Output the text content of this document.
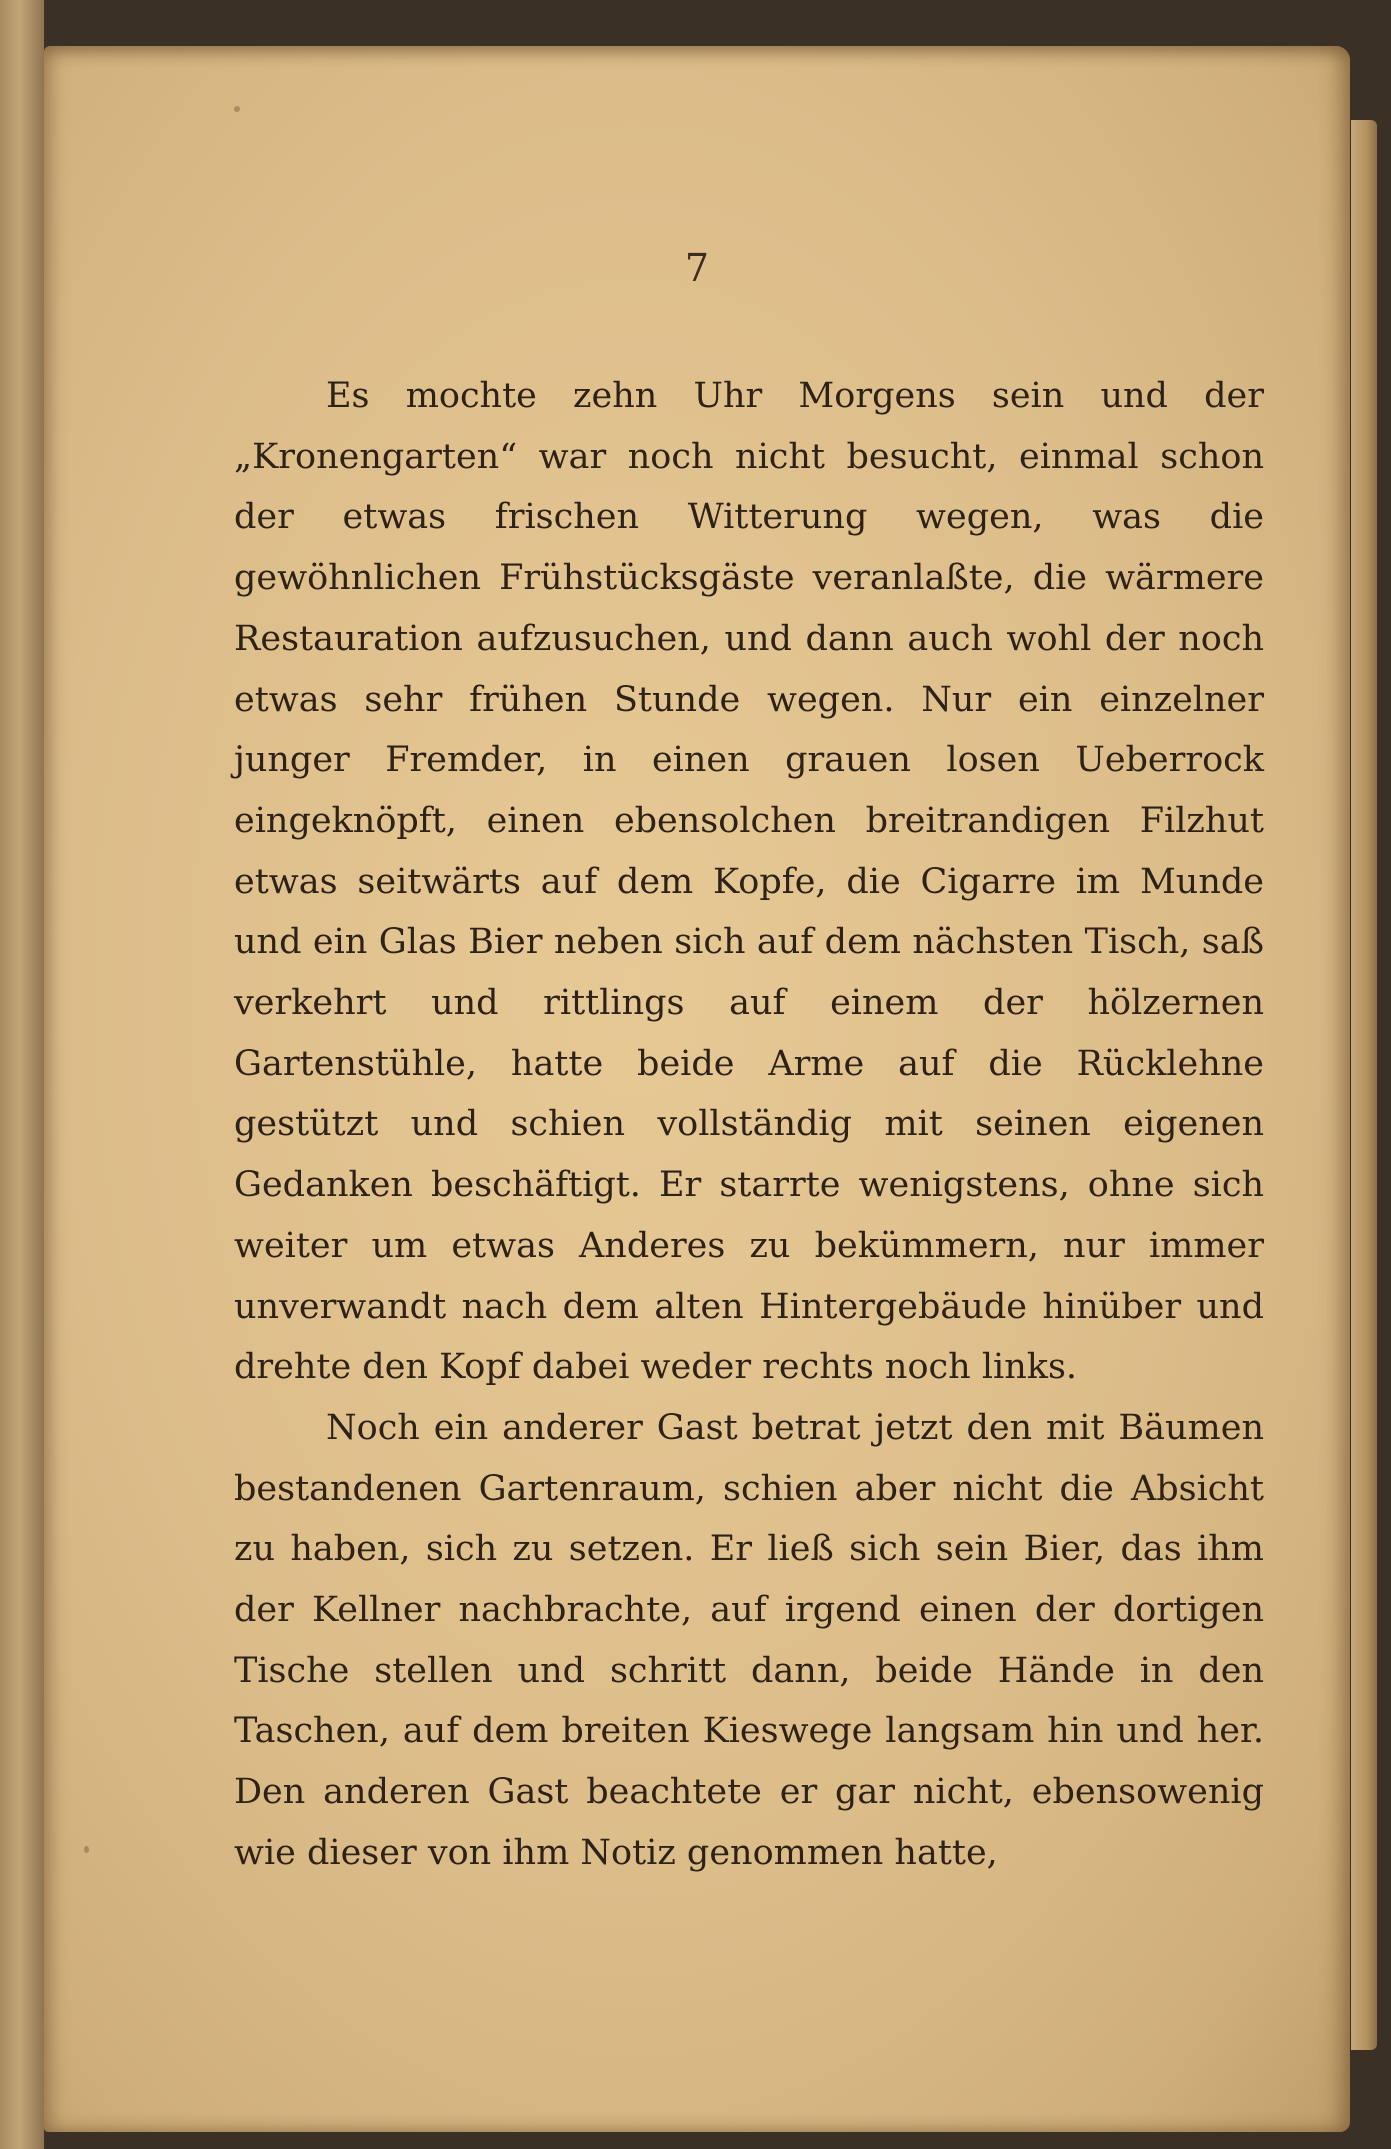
7

Es mochte zehn Uhr Morgens sein und der „Kronengarten“ war noch nicht besucht, einmal schon der etwas frischen Witterung wegen, was die gewöhnlichen Frühstücksgäste veranlaßte, die wärmere Restauration aufzusuchen, und dann auch wohl der noch etwas sehr frühen Stunde wegen. Nur ein einzelner junger Fremder, in einen grauen losen Ueberrock eingeknöpft, einen ebensolchen breitrandigen Filzhut etwas seitwärts auf dem Kopfe, die Cigarre im Munde und ein Glas Bier neben sich auf dem nächsten Tisch, saß verkehrt und rittlings auf einem der hölzernen Gartenstühle, hatte beide Arme auf die Rücklehne gestützt und schien vollständig mit seinen eigenen Gedanken beschäftigt. Er starrte wenigstens, ohne sich weiter um etwas Anderes zu bekümmern, nur immer unverwandt nach dem alten Hintergebäude hinüber und drehte den Kopf dabei weder rechts noch links.

Noch ein anderer Gast betrat jetzt den mit Bäumen bestandenen Gartenraum, schien aber nicht die Absicht zu haben, sich zu setzen. Er ließ sich sein Bier, das ihm der Kellner nachbrachte, auf irgend einen der dortigen Tische stellen und schritt dann, beide Hände in den Taschen, auf dem breiten Kieswege langsam hin und her. Den anderen Gast beachtete er gar nicht, ebensowenig wie dieser von ihm Notiz genommen hatte,
